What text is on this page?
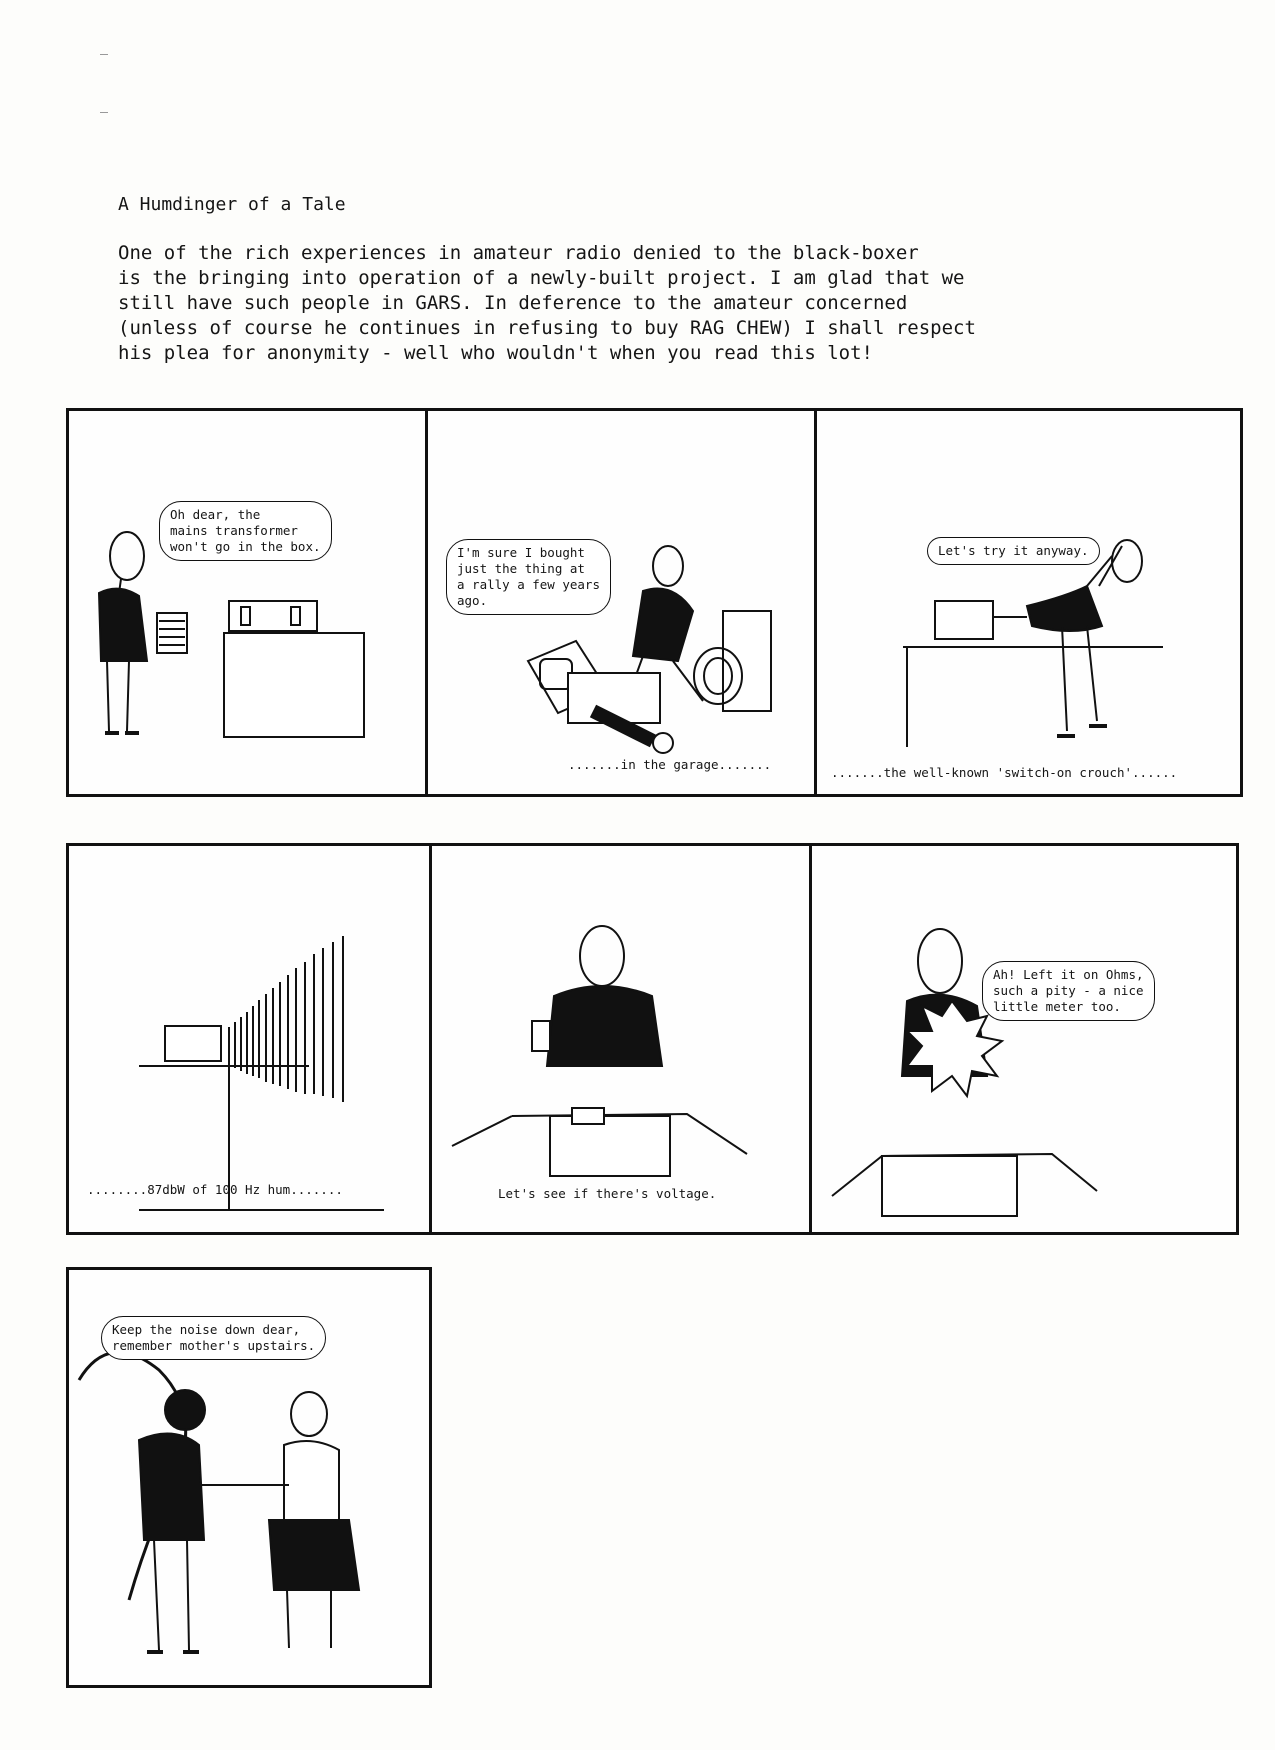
A Humdinger of a Tale

One of the rich experiences in amateur radio denied to the black-boxer
is the bringing into operation of a newly-built project. I am glad that we
still have such people in GARS. In deference to the amateur concerned
(unless of course he continues in refusing to buy RAG CHEW) I shall respect
his plea for anonymity - well who wouldn't when you read this lot!

Oh dear, the
mains transformer
won't go in the box.	I'm sure I bought
just the thing at
a rally a few years
ago.
.......in the garage.......
Let's try it anyway.
.......the well-known 'switch-on crouch'......
........87dbW of 100 Hz hum.......	Let's see if there's voltage.
Ah! Left it on Ohms,
such a pity - a nice
little meter too.
Keep the noise down dear,
remember mother's upstairs.
